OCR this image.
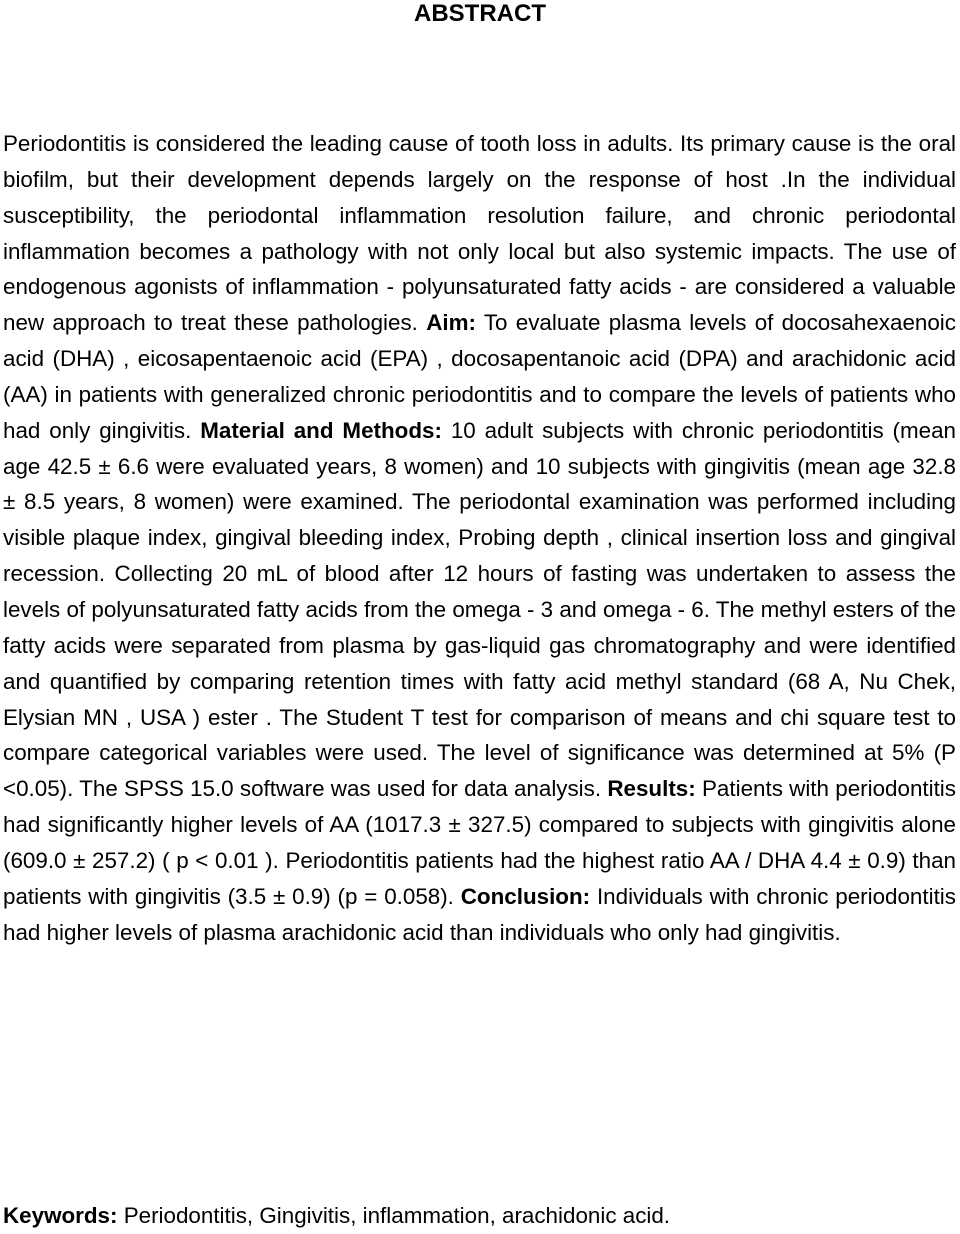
ABSTRACT

Periodontitis is considered the leading cause of tooth loss in adults. Its primary cause is the oral biofilm, but their development depends largely on the response of host .In the individual susceptibility, the periodontal inflammation resolution failure, and chronic periodontal inflammation becomes a pathology with not only local but also systemic impacts. The use of endogenous agonists of inflammation - polyunsaturated fatty acids - are considered a valuable new approach to treat these pathologies. Aim: To evaluate plasma levels of docosahexaenoic acid (DHA) , eicosapentaenoic acid (EPA) , docosapentanoic acid (DPA) and arachidonic acid (AA) in patients with generalized chronic periodontitis and to compare the levels of patients who had only gingivitis. Material and Methods: 10 adult subjects with chronic periodontitis (mean age 42.5 ± 6.6 were evaluated years, 8 women) and 10 subjects with gingivitis (mean age 32.8 ± 8.5 years, 8 women) were examined. The periodontal examination was performed including visible plaque index, gingival bleeding index, Probing depth , clinical insertion loss and gingival recession. Collecting 20 mL of blood after 12 hours of fasting was undertaken to assess the levels of polyunsaturated fatty acids from the omega - 3 and omega - 6. The methyl esters of the fatty acids were separated from plasma by gas-liquid gas chromatography and were identified and quantified by comparing retention times with fatty acid methyl standard (68 A, Nu Chek, Elysian MN , USA ) ester . The Student T test for comparison of means and chi square test to compare categorical variables were used. The level of significance was determined at 5% (P <0.05). The SPSS 15.0 software was used for data analysis. Results: Patients with periodontitis had significantly higher levels of AA (1017.3 ± 327.5) compared to subjects with gingivitis alone (609.0 ± 257.2) ( p < 0.01 ). Periodontitis patients had the highest ratio AA / DHA 4.4 ± 0.9) than patients with gingivitis (3.5 ± 0.9) (p = 0.058). Conclusion: Individuals with chronic periodontitis had higher levels of plasma arachidonic acid than individuals who only had gingivitis.

Keywords: Periodontitis, Gingivitis, inflammation, arachidonic acid.
